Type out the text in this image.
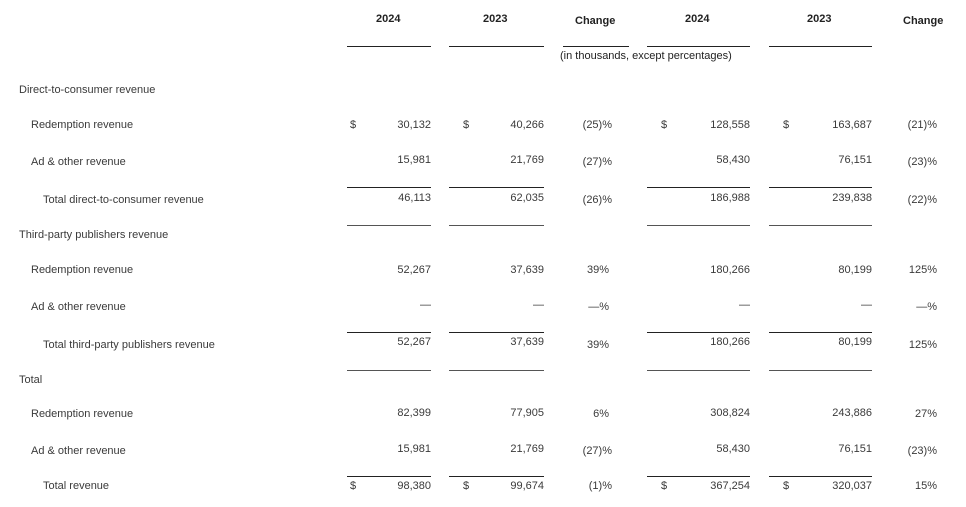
2024	2023	Change	2024	2023	Change
(in thousands, except percentages)
Direct-to-consumer revenue
Redemption revenue	$	30,132	$	40,266	(25)%	$	128,558	$	163,687	(21)%
Ad & other revenue	15,981	21,769	(27)%	58,430	76,151	(23)%
Total direct-to-consumer revenue	46,113	62,035	(26)%	186,988	239,838	(22)%
Third-party publishers revenue
Redemption revenue	52,267	37,639	39%	180,266	80,199	125%
Ad & other revenue	—	—	—%	—	—	—%
Total third-party publishers revenue	52,267	37,639	39%	180,266	80,199	125%
Total
Redemption revenue	82,399	77,905	6%	308,824	243,886	27%
Ad & other revenue	15,981	21,769	(27)%	58,430	76,151	(23)%
Total revenue	$	98,380	$	99,674	(1)%	$	367,254	$	320,037	15%
